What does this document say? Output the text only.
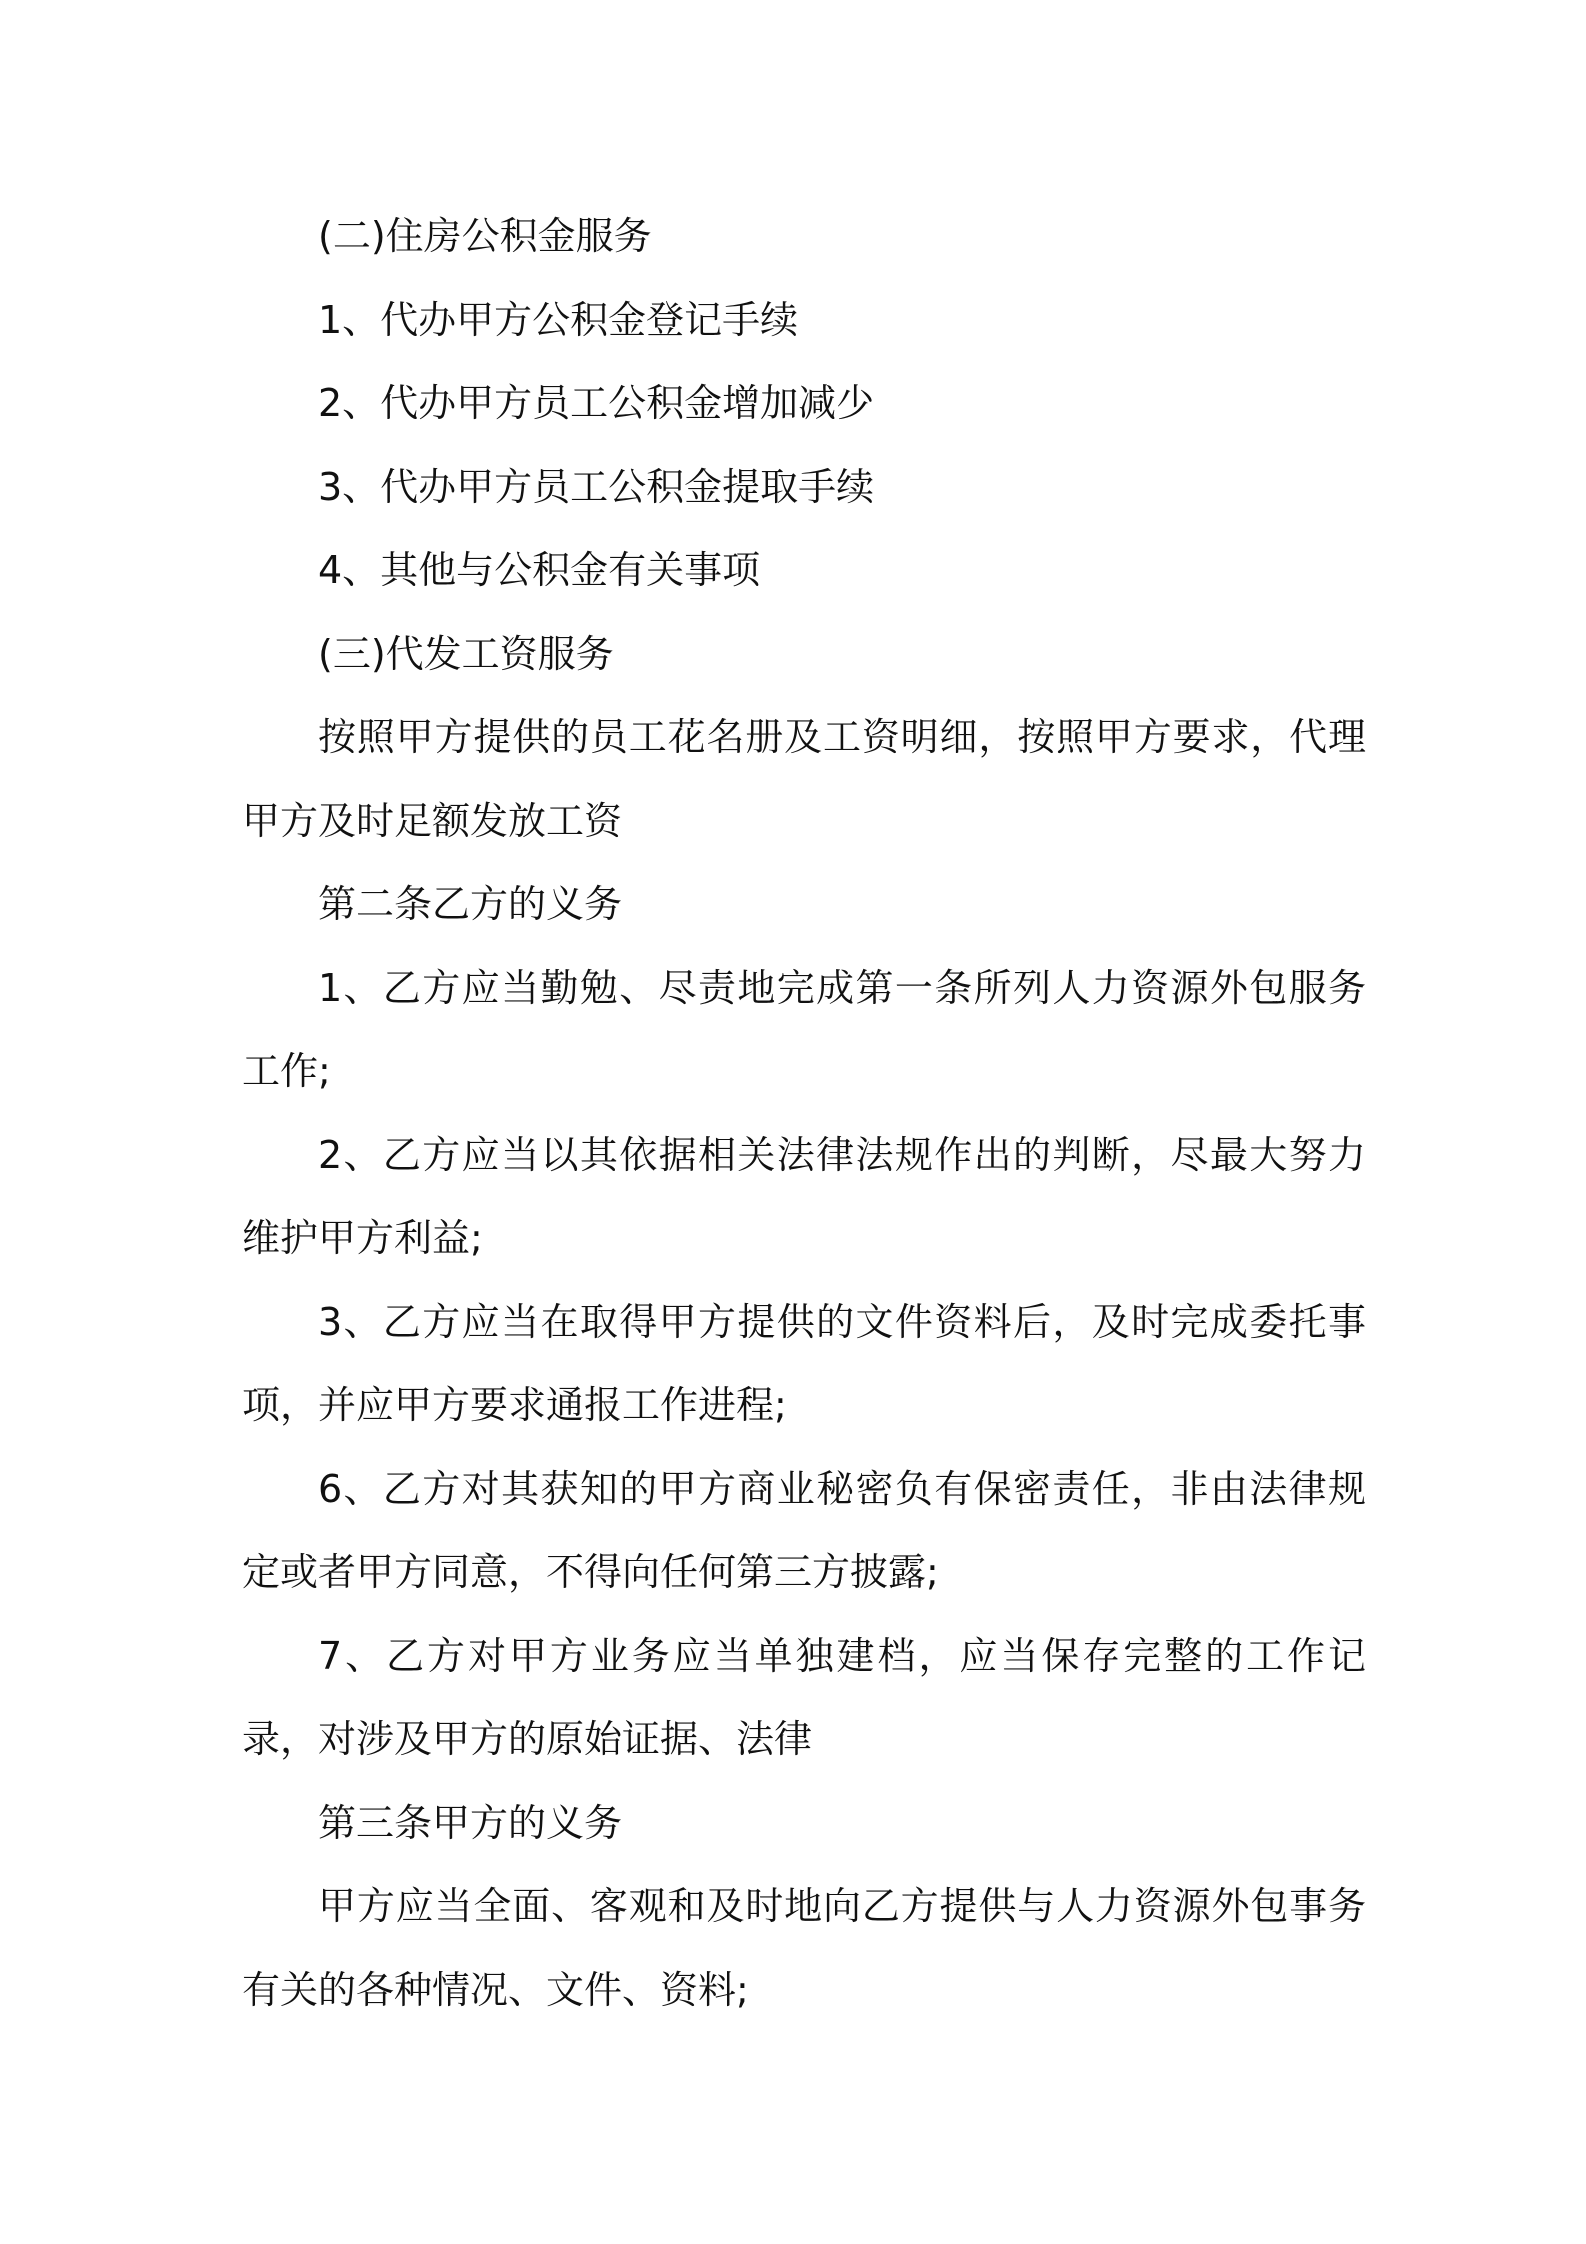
(二)住房公积金服务

1、代办甲方公积金登记手续

2、代办甲方员工公积金增加减少

3、代办甲方员工公积金提取手续

4、其他与公积金有关事项

(三)代发工资服务

按照甲方提供的员工花名册及工资明细，按照甲方要求，代理甲方及时足额发放工资

第二条乙方的义务

1、乙方应当勤勉、尽责地完成第一条所列人力资源外包服务工作;

2、乙方应当以其依据相关法律法规作出的判断，尽最大努力维护甲方利益;

3、乙方应当在取得甲方提供的文件资料后，及时完成委托事项，并应甲方要求通报工作进程;

6、乙方对其获知的甲方商业秘密负有保密责任，非由法律规定或者甲方同意，不得向任何第三方披露;

7、乙方对甲方业务应当单独建档，应当保存完整的工作记录，对涉及甲方的原始证据、法律

第三条甲方的义务

甲方应当全面、客观和及时地向乙方提供与人力资源外包事务有关的各种情况、文件、资料;
